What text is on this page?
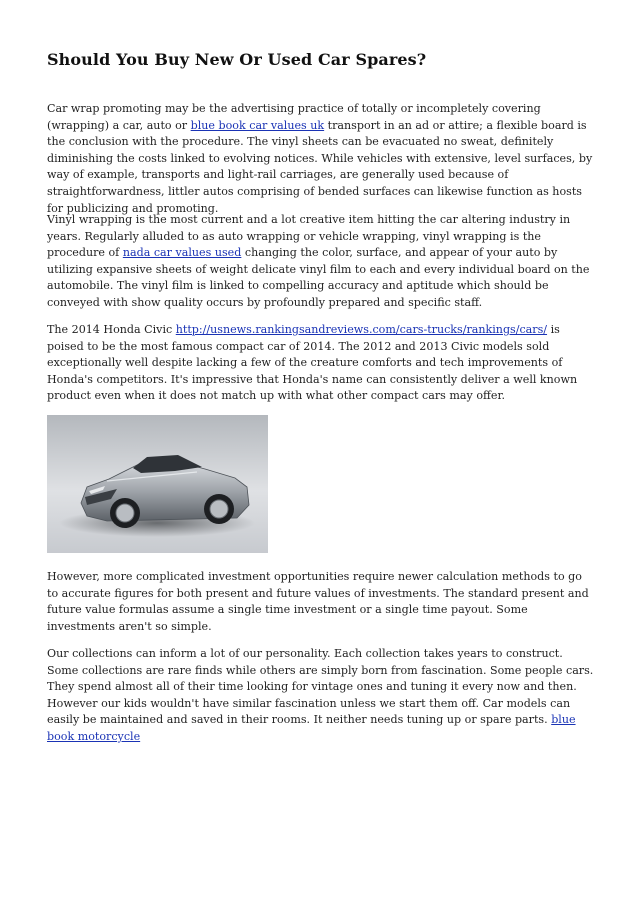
Should You Buy New Or Used Car Spares?

Car wrap promoting may be the advertising practice of totally or incompletely covering (wrapping) a car, auto or blue book car values uk transport in an ad or attire; a flexible board is the conclusion with the procedure. The vinyl sheets can be evacuated no sweat, definitely diminishing the costs linked to evolving notices. While vehicles with extensive, level surfaces, by way of example, transports and light-rail carriages, are generally used because of straightforwardness, littler autos comprising of bended surfaces can likewise function as hosts for publicizing and promoting.

Vinyl wrapping is the most current and a lot creative item hitting the car altering industry in years. Regularly alluded to as auto wrapping or vehicle wrapping, vinyl wrapping is the procedure of nada car values used changing the color, surface, and appear of your auto by utilizing expansive sheets of weight delicate vinyl film to each and every individual board on the automobile. The vinyl film is linked to compelling accuracy and aptitude which should be conveyed with show quality occurs by profoundly prepared and specific staff.

The 2014 Honda Civic http://usnews.rankingsandreviews.com/cars-trucks/rankings/cars/ is poised to be the most famous compact car of 2014. The 2012 and 2013 Civic models sold exceptionally well despite lacking a few of the creature comforts and tech improvements of Honda's competitors. It's impressive that Honda's name can consistently deliver a well known product even when it does not match up with what other compact cars may offer.

However, more complicated investment opportunities require newer calculation methods to go to accurate figures for both present and future values of investments. The standard present and future value formulas assume a single time investment or a single time payout. Some investments aren't so simple.

Our collections can inform a lot of our personality. Each collection takes years to construct. Some collections are rare finds while others are simply born from fascination. Some people cars. They spend almost all of their time looking for vintage ones and tuning it every now and then. However our kids wouldn't have similar fascination unless we start them off. Car models can easily be maintained and saved in their rooms. It neither needs tuning up or spare parts. blue book motorcycle
